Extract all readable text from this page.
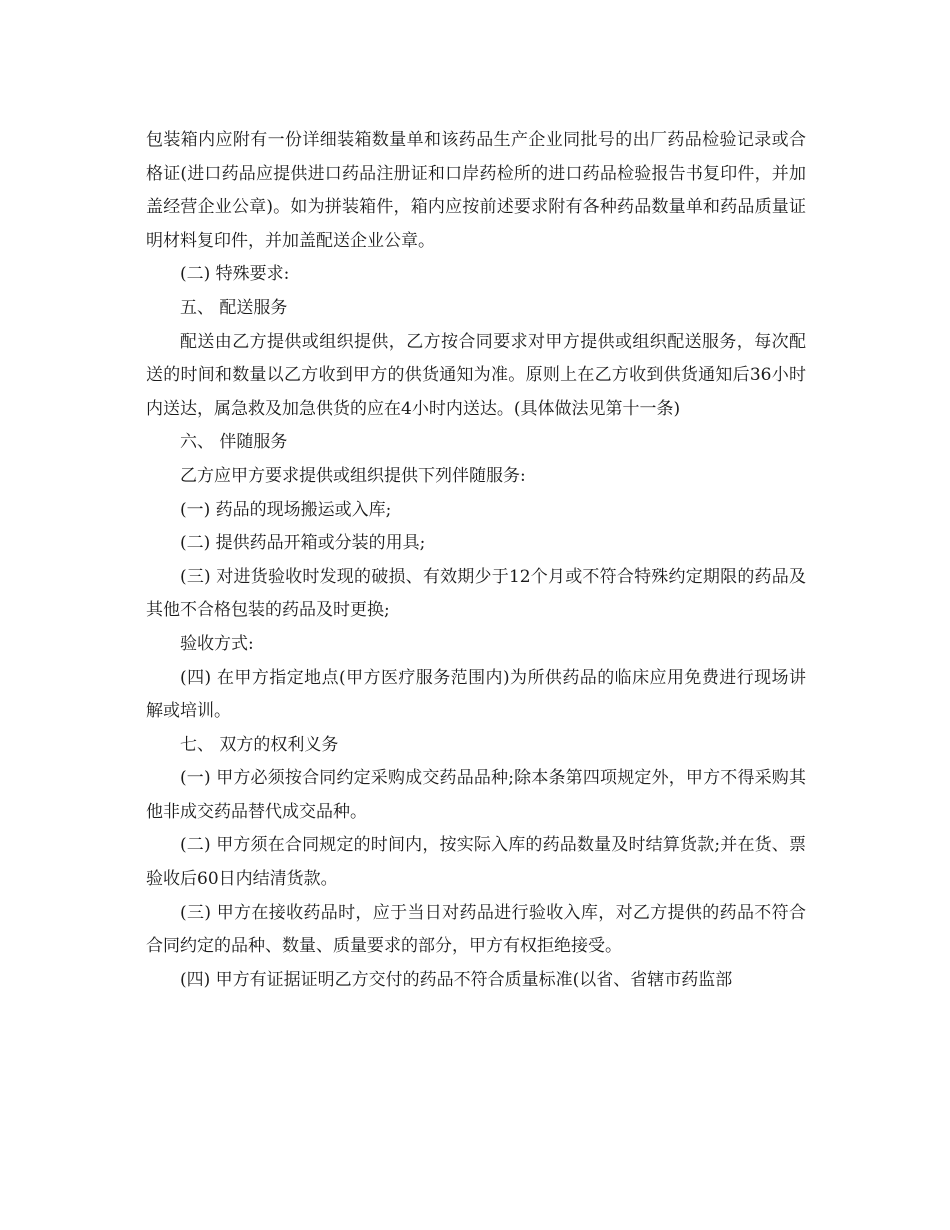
包装箱内应附有一份详细装箱数量单和该药品生产企业同批号的出厂药品检验记录或合格证(进口药品应提供进口药品注册证和口岸药检所的进口药品检验报告书复印件，并加盖经营企业公章)。如为拼装箱件，箱内应按前述要求附有各种药品数量单和药品质量证明材料复印件，并加盖配送企业公章。

(二) 特殊要求:

五、 配送服务

配送由乙方提供或组织提供，乙方按合同要求对甲方提供或组织配送服务，每次配送的时间和数量以乙方收到甲方的供货通知为准。原则上在乙方收到供货通知后36小时内送达，属急救及加急供货的应在4小时内送达。(具体做法见第十一条)

六、 伴随服务

乙方应甲方要求提供或组织提供下列伴随服务:

(一) 药品的现场搬运或入库;

(二) 提供药品开箱或分装的用具;

(三) 对进货验收时发现的破损、有效期少于12个月或不符合特殊约定期限的药品及其他不合格包装的药品及时更换;

验收方式:

(四) 在甲方指定地点(甲方医疗服务范围内)为所供药品的临床应用免费进行现场讲解或培训。

七、 双方的权利义务

(一) 甲方必须按合同约定采购成交药品品种;除本条第四项规定外，甲方不得采购其他非成交药品替代成交品种。

(二) 甲方须在合同规定的时间内，按实际入库的药品数量及时结算货款;并在货、票验收后60日内结清货款。

(三) 甲方在接收药品时，应于当日对药品进行验收入库，对乙方提供的药品不符合合同约定的品种、数量、质量要求的部分，甲方有权拒绝接受。

(四) 甲方有证据证明乙方交付的药品不符合质量标准(以省、省辖市药监部
